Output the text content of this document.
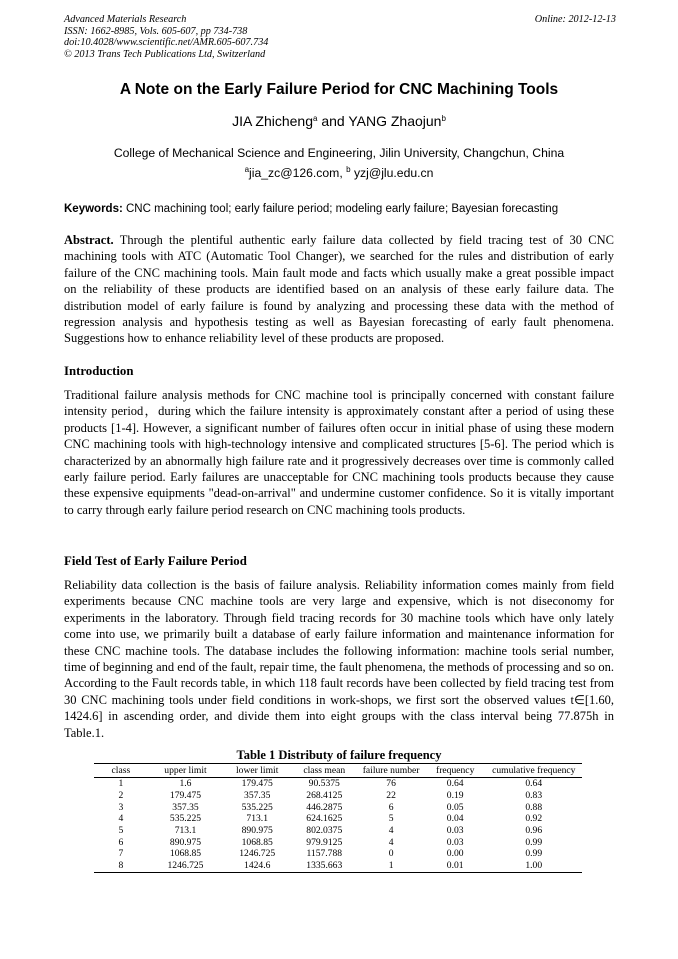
Advanced Materials Research
ISSN: 1662-8985, Vols. 605-607, pp 734-738
doi:10.4028/www.scientific.net/AMR.605-607.734
© 2013 Trans Tech Publications Ltd, Switzerland
Online: 2012-12-13
A Note on the Early Failure Period for CNC Machining Tools
JIA Zhicheng$^a$ and YANG Zhaojun$^b$
College of Mechanical Science and Engineering, Jilin University, Changchun, China
$^a$jia_zc@126.com, $^b$ yzj@jlu.edu.cn
Keywords: CNC machining tool; early failure period; modeling early failure; Bayesian forecasting
Abstract. Through the plentiful authentic early failure data collected by field tracing test of 30 CNC machining tools with ATC (Automatic Tool Changer), we searched for the rules and distribution of early failure of the CNC machining tools. Main fault mode and facts which usually make a great possible impact on the reliability of these products are identified based on an analysis of these early failure data. The distribution model of early failure is found by analyzing and processing these data with the method of regression analysis and hypothesis testing as well as Bayesian forecasting of early fault phenomena. Suggestions how to enhance reliability level of these products are proposed.
Introduction
Traditional failure analysis methods for CNC machine tool is principally concerned with constant failure intensity period，during which the failure intensity is approximately constant after a period of using these products [1-4]. However, a significant number of failures often occur in initial phase of using these modern CNC machining tools with high-technology intensive and complicated structures [5-6]. The period which is characterized by an abnormally high failure rate and it progressively decreases over time is commonly called early failure period. Early failures are unacceptable for CNC machining tools products because they cause these expensive equipments "dead-on-arrival" and undermine customer confidence. So it is vitally important to carry through early failure period research on CNC machining tools products.
Field Test of Early Failure Period
Reliability data collection is the basis of failure analysis. Reliability information comes mainly from field experiments because CNC machine tools are very large and expensive, which is not diseconomy for experiments in the laboratory. Through field tracing records for 30 machine tools which have only lately come into use, we primarily built a database of early failure information and maintenance information for these CNC machine tools. The database includes the following information: machine tools serial number, time of beginning and end of the fault, repair time, the fault phenomena, the methods of processing and so on. According to the Fault records table, in which 118 fault records have been collected by field tracing test from 30 CNC machining tools under field conditions in work-shops, we first sort the observed values t∈[1.60, 1424.6] in ascending order, and divide them into eight groups with the class interval being 77.875h in Table.1.
Table 1 Distributy of failure frequency
class	upper limit	lower limit	class mean	failure number	frequency	cumulative frequency
1	1.6	179.475	90.5375	76	0.64	0.64
2	179.475	357.35	268.4125	22	0.19	0.83
3	357.35	535.225	446.2875	6	0.05	0.88
4	535.225	713.1	624.1625	5	0.04	0.92
5	713.1	890.975	802.0375	4	0.03	0.96
6	890.975	1068.85	979.9125	4	0.03	0.99
7	1068.85	1246.725	1157.788	0	0.00	0.99
8	1246.725	1424.6	1335.663	1	0.01	1.00
